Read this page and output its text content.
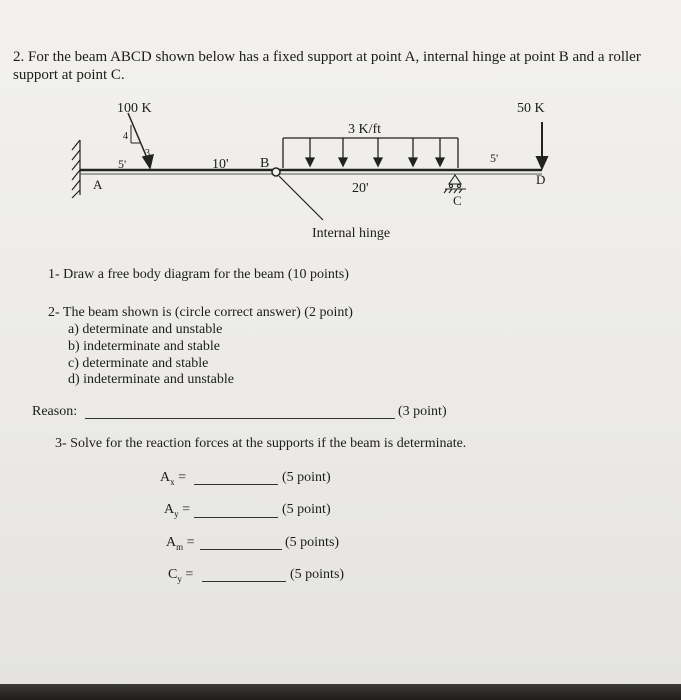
2. For the beam ABCD shown below has a fixed support at point A, internal hinge at point B and a roller
support at point C.
100 K
4
3
3 K/ft
50 K
5'	10'
20'
5'
A
B
C
D
Internal hinge
1- Draw a free body diagram for the beam (10 points)
2- The beam shown is (circle correct answer) (2 point)
a) determinate and unstable
b) indeterminate and stable
c) determinate and stable
d) indeterminate and unstable
Reason:	(3 point)
3- Solve for the reaction forces at the supports if the beam is determinate.
$A_x$ =	(5 point)
$A_y$ =	(5 point)
$A_m$ =	(5 points)
$C_y$ =	(5 points)
